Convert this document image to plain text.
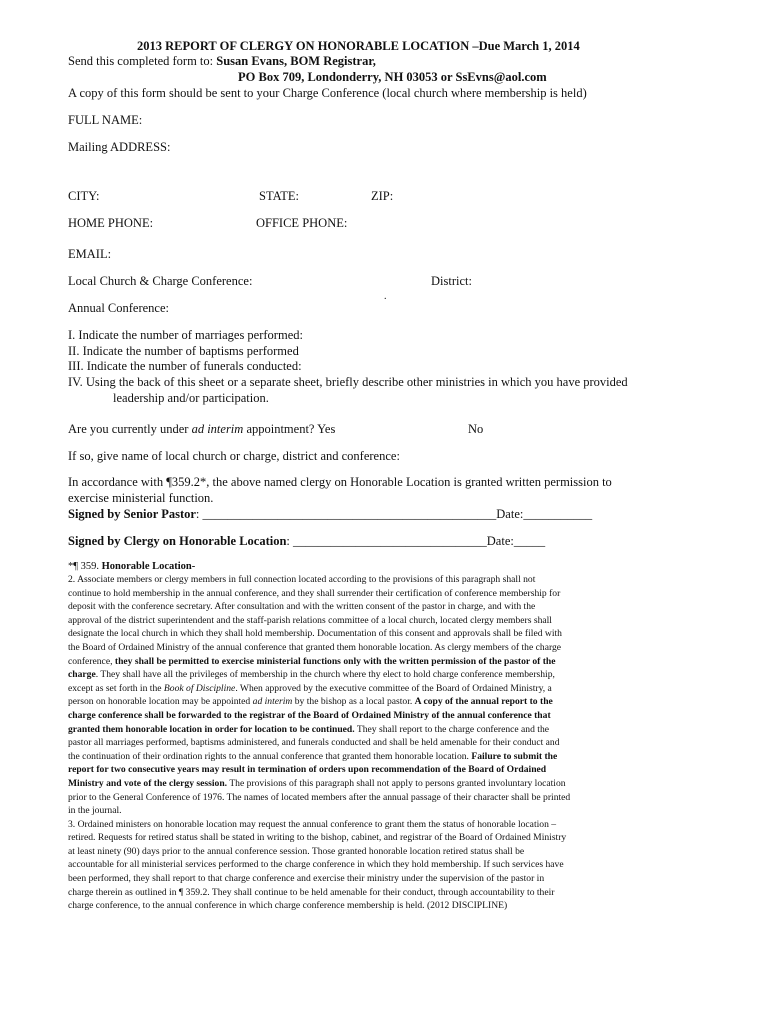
2013 REPORT OF CLERGY ON HONORABLE LOCATION –Due March 1, 2014
Send this completed form to: Susan Evans, BOM Registrar,
PO Box 709, Londonderry, NH 03053 or SsEvns@aol.com
A copy of this form should be sent to your Charge Conference (local church where membership is held)
FULL NAME:
Mailing ADDRESS:
CITY:	STATE:	ZIP:
HOME PHONE:	OFFICE PHONE:
EMAIL:
Local Church & Charge Conference:	District:
.
Annual Conference:
I. Indicate the number of marriages performed:
II. Indicate the number of baptisms performed
III. Indicate the number of funerals conducted:
IV. Using the back of this sheet or a separate sheet, briefly describe other ministries in which you have provided
leadership and/or participation.
Are you currently under ad interim appointment? Yes	No
If so, give name of local church or charge, district and conference:
In accordance with ¶359.2*, the above named clergy on Honorable Location is granted written permission to
exercise ministerial function.
Signed by Senior Pastor: _______________________________________________Date:___________
Signed by Clergy on Honorable Location: _______________________________Date:_____
*¶ 359. Honorable Location-
2. Associate members or clergy members in full connection located according to the provisions of this paragraph shall not
continue to hold membership in the annual conference, and they shall surrender their certification of conference membership for
deposit with the conference secretary. After consultation and with the written consent of the pastor in charge, and with the
approval of the district superintendent and the staff-parish relations committee of a local church, located clergy members shall
designate the local church in which they shall hold membership. Documentation of this consent and approvals shall be filed with
the Board of Ordained Ministry of the annual conference that granted them honorable location. As clergy members of the charge
conference, they shall be permitted to exercise ministerial functions only with the written permission of the pastor of the
charge. They shall have all the privileges of membership in the church where thy elect to hold charge conference membership,
except as set forth in the Book of Discipline. When approved by the executive committee of the Board of Ordained Ministry, a
person on honorable location may be appointed ad interim by the bishop as a local pastor. A copy of the annual report to the
charge conference shall be forwarded to the registrar of the Board of Ordained Ministry of the annual conference that
granted them honorable location in order for location to be continued. They shall report to the charge conference and the
pastor all marriages performed, baptisms administered, and funerals conducted and shall be held amenable for their conduct and
the continuation of their ordination rights to the annual conference that granted them honorable location. Failure to submit the
report for two consecutive years may result in termination of orders upon recommendation of the Board of Ordained
Ministry and vote of the clergy session. The provisions of this paragraph shall not apply to persons granted involuntary location
prior to the General Conference of 1976. The names of located members after the annual passage of their character shall be printed
in the journal.
3. Ordained ministers on honorable location may request the annual conference to grant them the status of honorable location –
retired. Requests for retired status shall be stated in writing to the bishop, cabinet, and registrar of the Board of Ordained Ministry
at least ninety (90) days prior to the annual conference session. Those granted honorable location retired status shall be
accountable for all ministerial services performed to the charge conference in which they hold membership. If such services have
been performed, they shall report to that charge conference and exercise their ministry under the supervision of the pastor in
charge therein as outlined in ¶ 359.2. They shall continue to be held amenable for their conduct, through accountability to their
charge conference, to the annual conference in which charge conference membership is held. (2012 DISCIPLINE)
